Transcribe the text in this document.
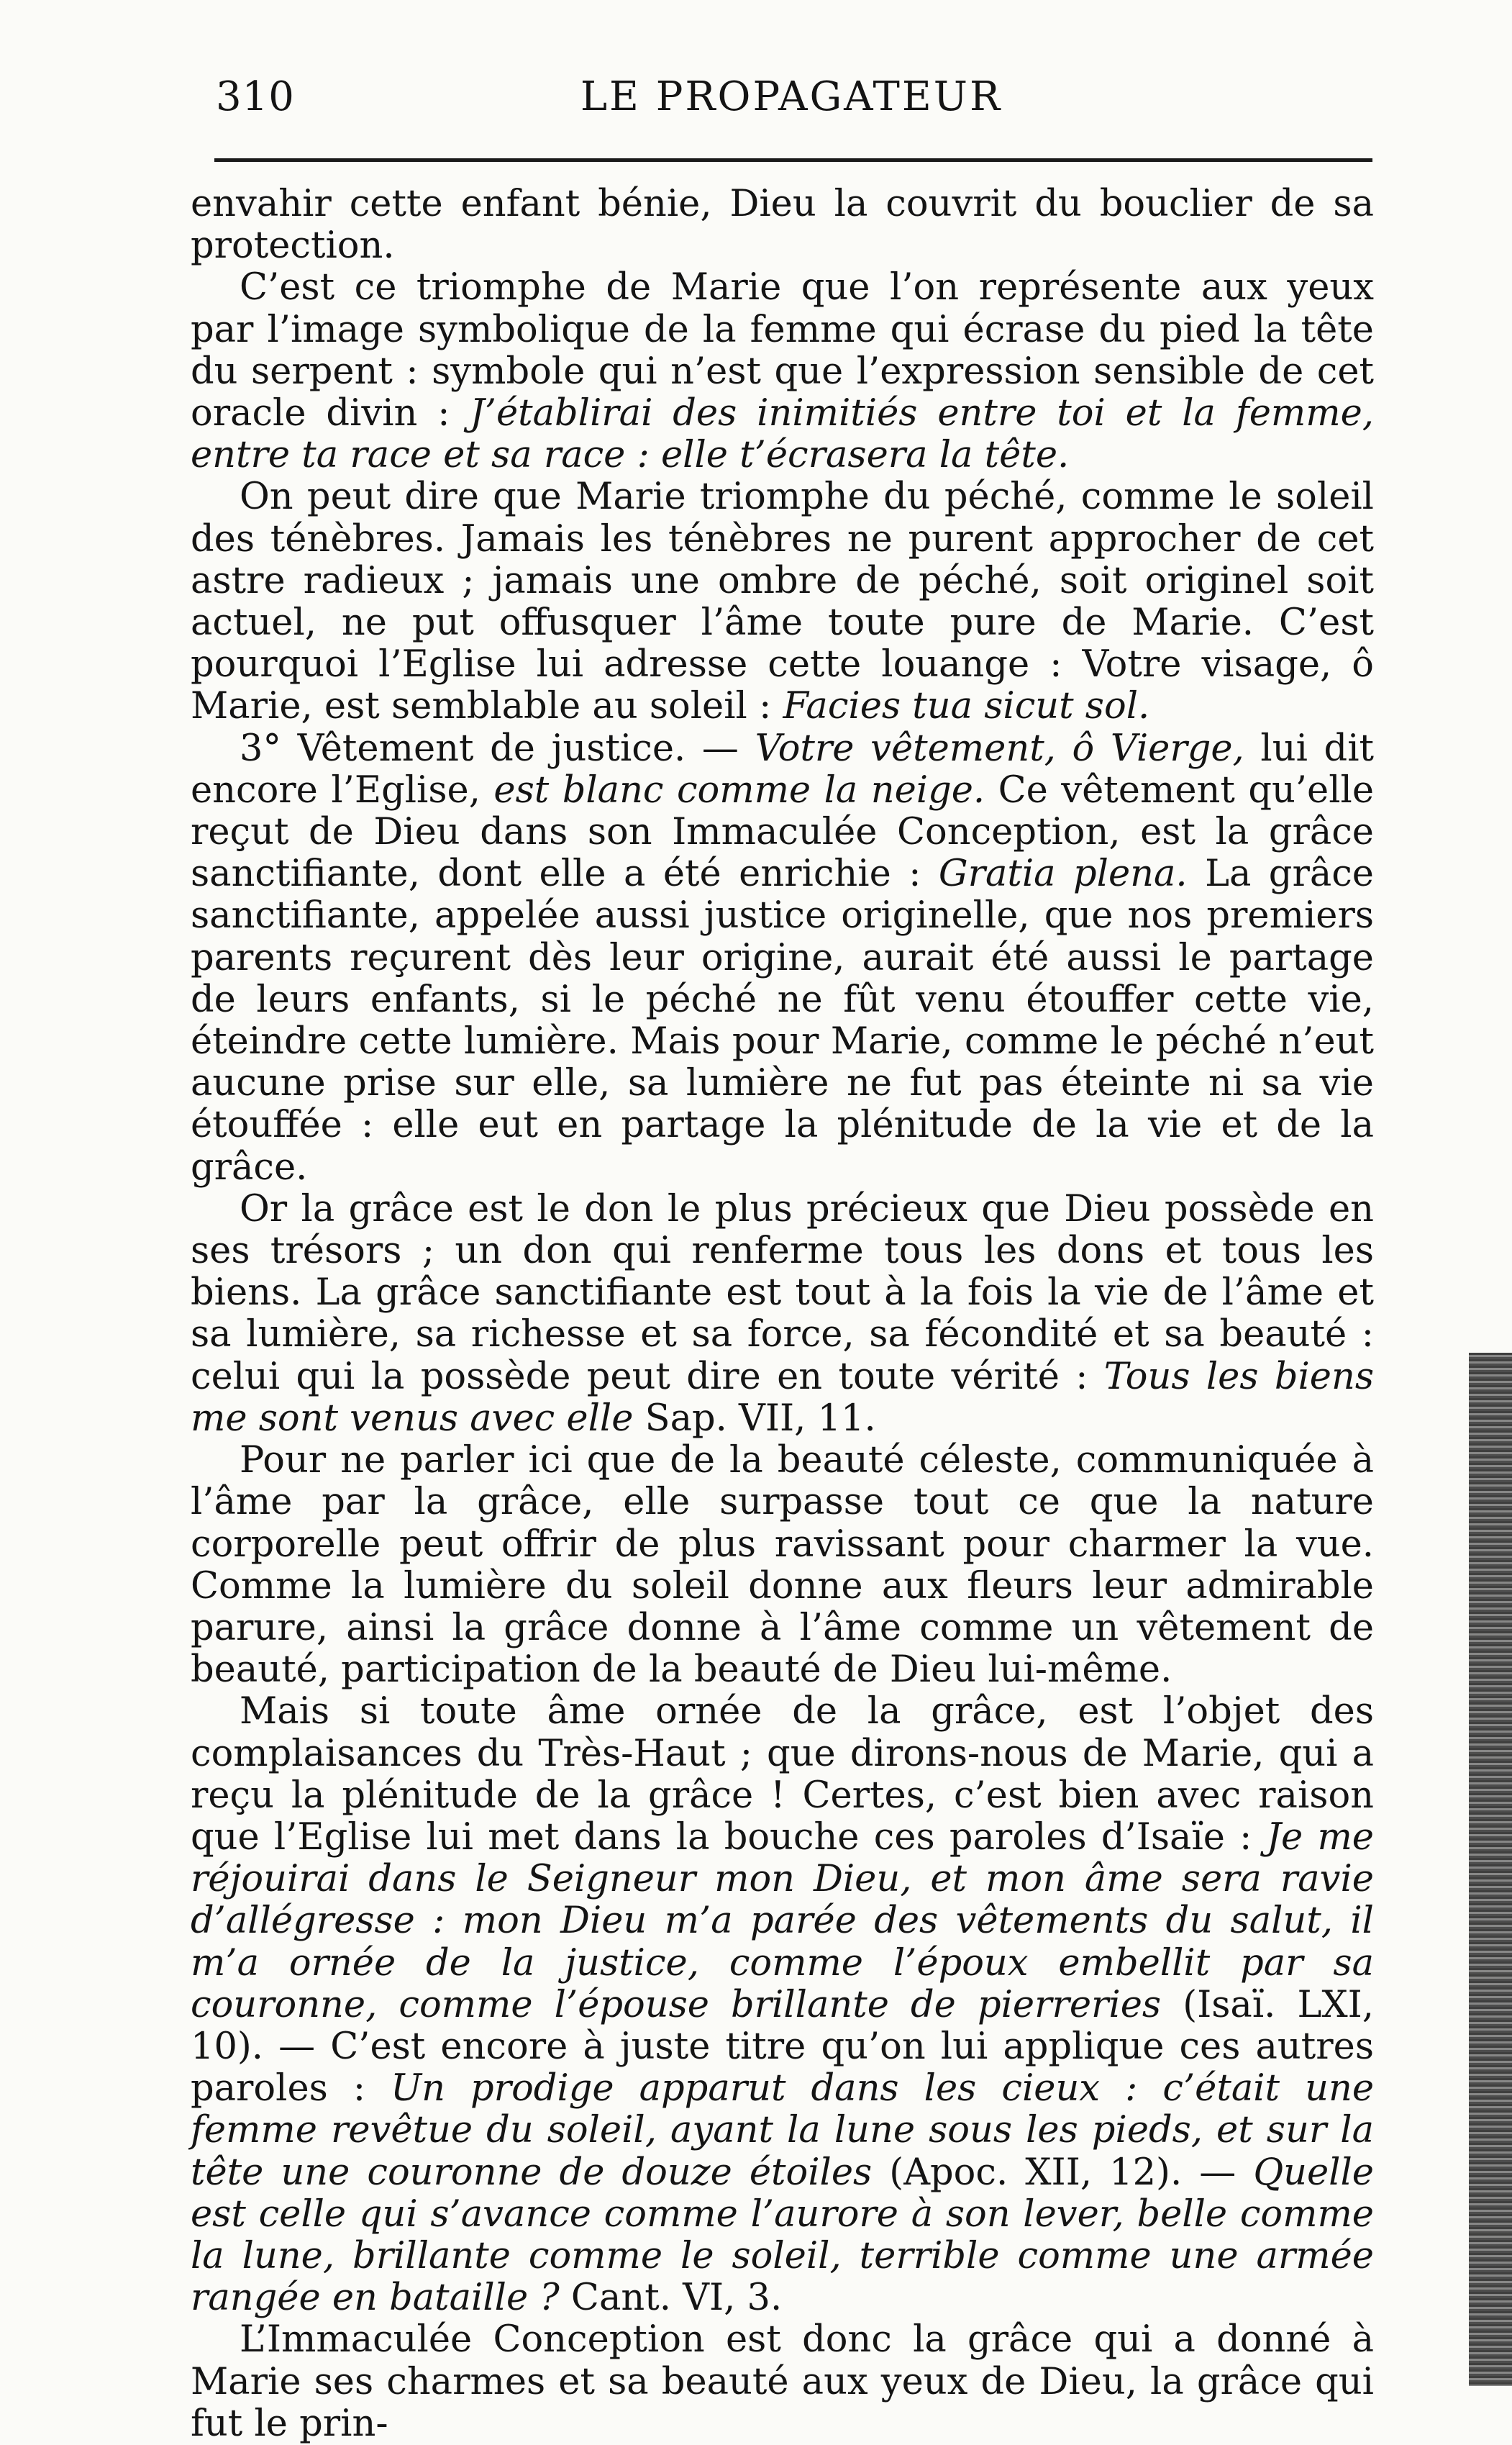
310	LE PROPAGATEUR

envahir cette enfant bénie, Dieu la couvrit du bouclier de sa protection.

C’est ce triomphe de Marie que l’on représente aux yeux par l’image symbolique de la femme qui écrase du pied la tête du serpent : symbole qui n’est que l’expression sensible de cet oracle divin : J’établirai des inimitiés entre toi et la femme, entre ta race et sa race : elle t’écrasera la tête.

On peut dire que Marie triomphe du péché, comme le soleil des ténèbres. Jamais les ténèbres ne purent approcher de cet astre radieux ; jamais une ombre de péché, soit originel soit actuel, ne put offusquer l’âme toute pure de Marie. C’est pourquoi l’Eglise lui adresse cette louange : Votre visage, ô Marie, est semblable au soleil : Facies tua sicut sol.

3° Vêtement de justice. — Votre vêtement, ô Vierge, lui dit encore l’Eglise, est blanc comme la neige. Ce vêtement qu’elle reçut de Dieu dans son Immaculée Conception, est la grâce sanctifiante, dont elle a été enrichie : Gratia plena. La grâce sanctifiante, appelée aussi justice originelle, que nos premiers parents reçurent dès leur origine, aurait été aussi le partage de leurs enfants, si le péché ne fût venu étouffer cette vie, éteindre cette lumière. Mais pour Marie, comme le péché n’eut aucune prise sur elle, sa lumière ne fut pas éteinte ni sa vie étouffée : elle eut en partage la plénitude de la vie et de la grâce.

Or la grâce est le don le plus précieux que Dieu possède en ses trésors ; un don qui renferme tous les dons et tous les biens. La grâce sanctifiante est tout à la fois la vie de l’âme et sa lumière, sa richesse et sa force, sa fécondité et sa beauté : celui qui la possède peut dire en toute vérité : Tous les biens me sont venus avec elle Sap. VII, 11.

Pour ne parler ici que de la beauté céleste, communiquée à l’âme par la grâce, elle surpasse tout ce que la nature corporelle peut offrir de plus ravissant pour charmer la vue. Comme la lumière du soleil donne aux fleurs leur admirable parure, ainsi la grâce donne à l’âme comme un vêtement de beauté, participation de la beauté de Dieu lui-même.

Mais si toute âme ornée de la grâce, est l’objet des complaisances du Très-Haut ; que dirons-nous de Marie, qui a reçu la plénitude de la grâce ! Certes, c’est bien avec raison que l’Eglise lui met dans la bouche ces paroles d’Isaïe : Je me réjouirai dans le Seigneur mon Dieu, et mon âme sera ravie d’allégresse : mon Dieu m’a parée des vêtements du salut, il m’a ornée de la justice, comme l’époux embellit par sa couronne, comme l’épouse brillante de pierreries (Isaï. LXI, 10). — C’est encore à juste titre qu’on lui applique ces autres paroles : Un prodige apparut dans les cieux : c’était une femme revêtue du soleil, ayant la lune sous les pieds, et sur la tête une couronne de douze étoiles (Apoc. XII, 12). — Quelle est celle qui s’avance comme l’aurore à son lever, belle comme la lune, brillante comme le soleil, terrible comme une armée rangée en bataille ? Cant. VI, 3.

L’Immaculée Conception est donc la grâce qui a donné à Marie ses charmes et sa beauté aux yeux de Dieu, la grâce qui fut le prin-
